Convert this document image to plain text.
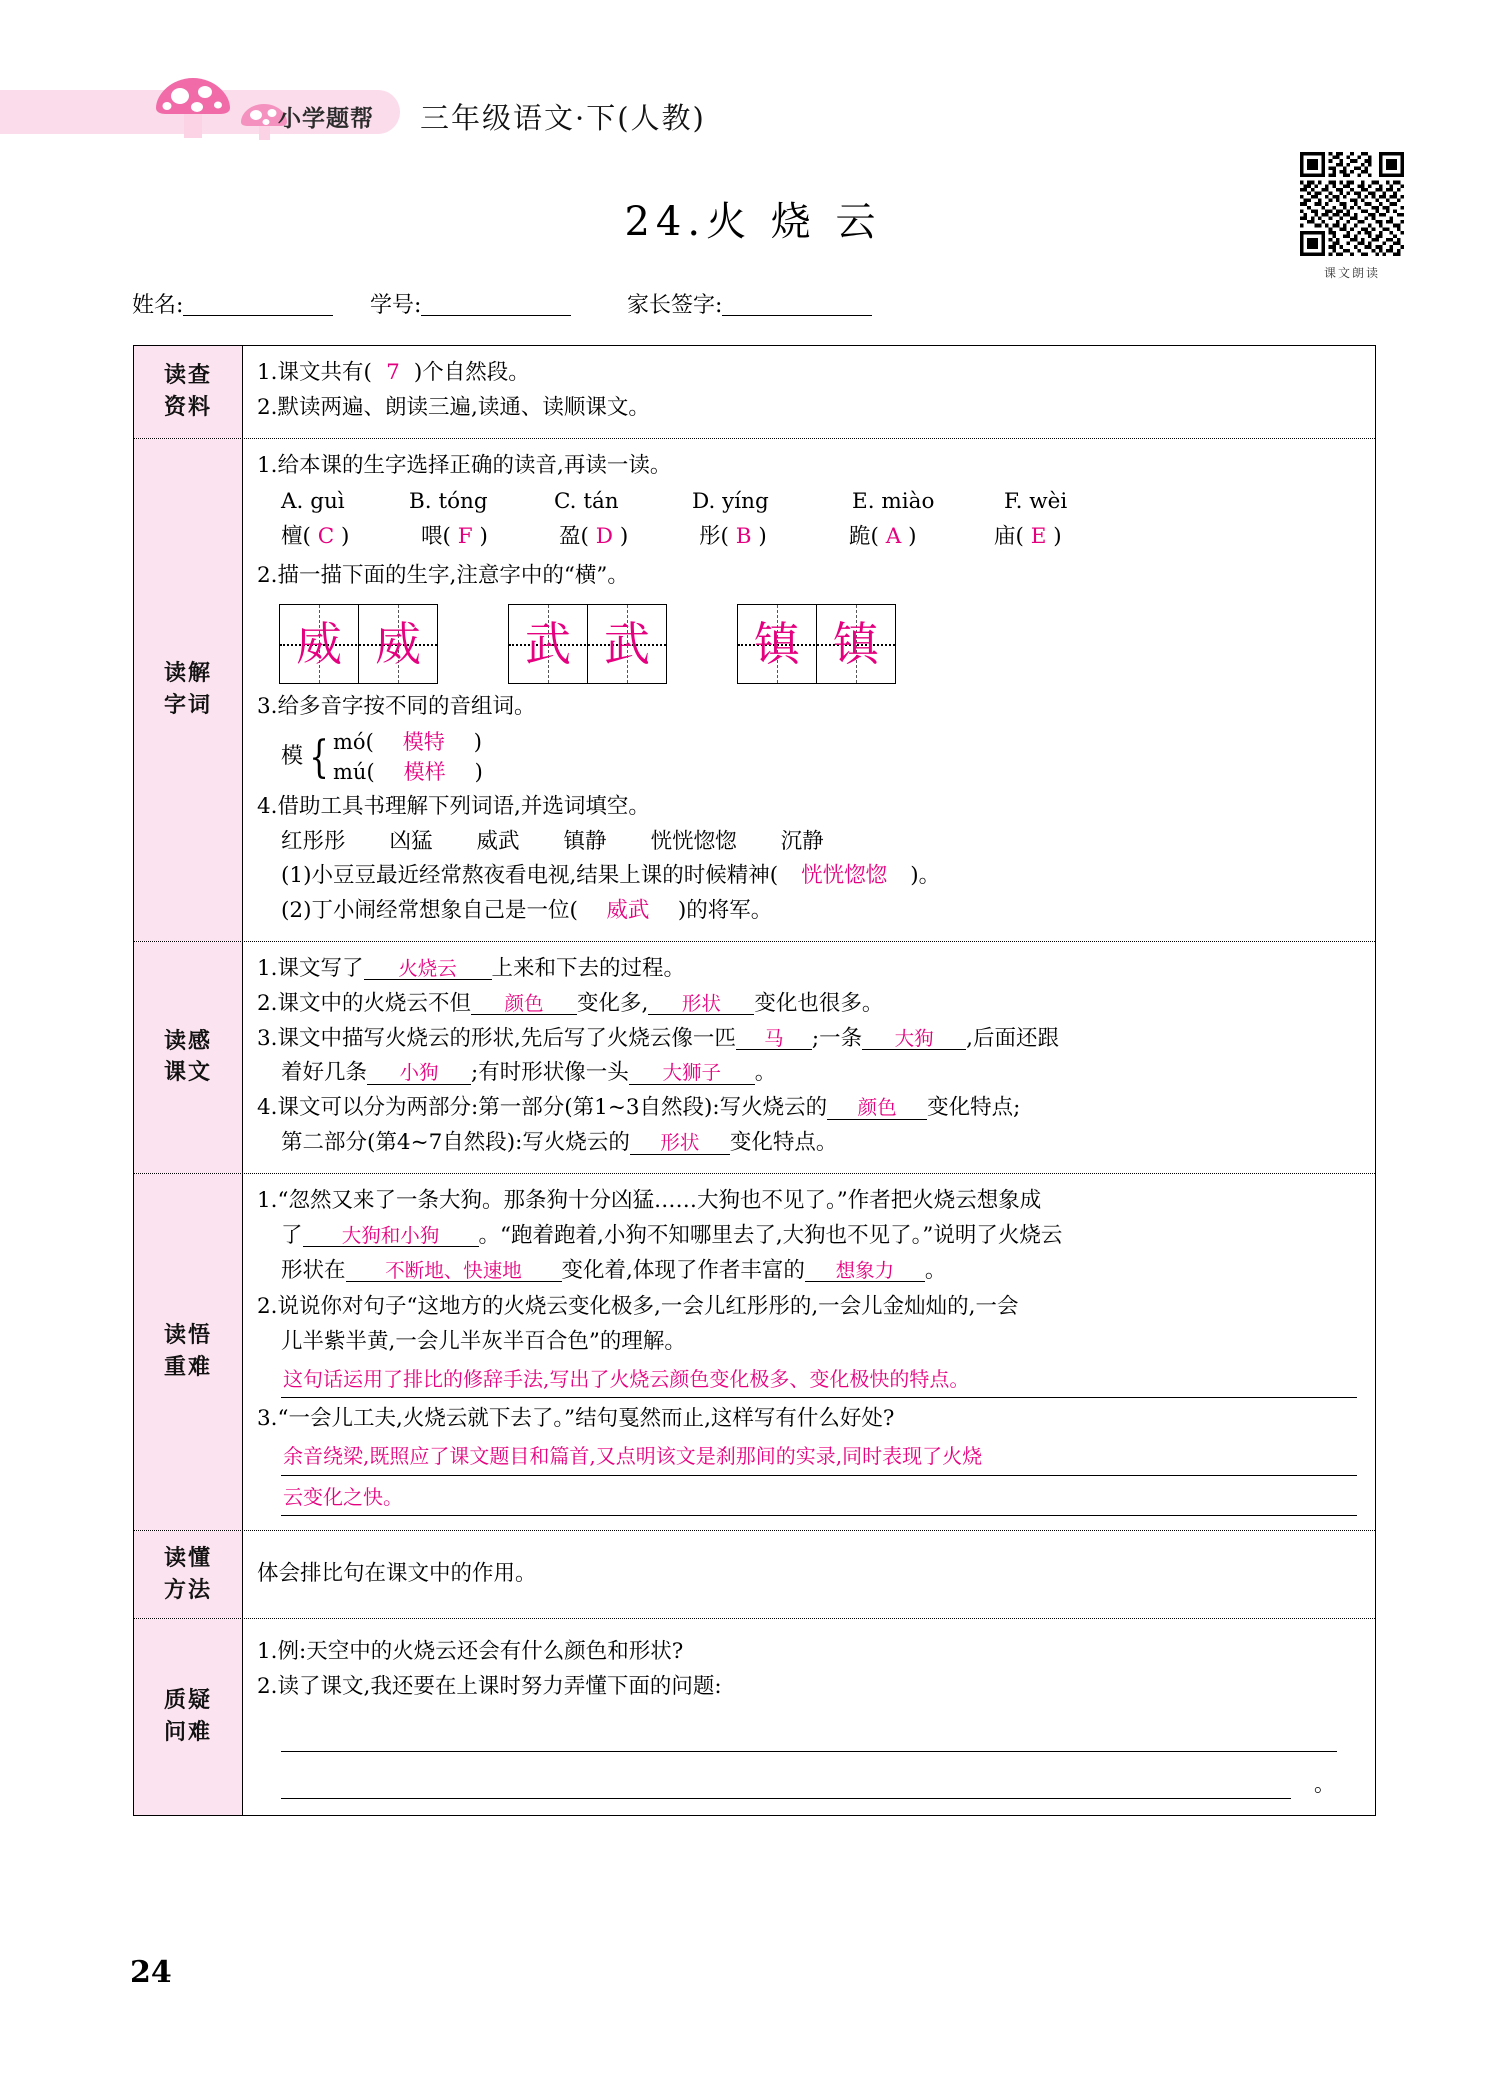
小学题帮 三年级语文·下(人教)
课文朗读
24.火 烧 云
姓名:	学号:	家长签字:
读查
资料
1.课文共有( 7 )个自然段。
2.默读两遍、朗读三遍,读通、读顺课文。
读解
字词
1.给本课的生字选择正确的读音,再读一读。
A. guì	B. tóng	C. tán	D. yíng	E. miào	F. wèi
檀( C )	喂( F )	盈( D )	彤( B )	跪( A )	庙( E )
2.描一描下面的生字,注意字中的“横”。
威 威 武 武 镇 镇
3.给多音字按不同的音组词。
模 { mó( 模特 )
mú( 模样 )
4.借助工具书理解下列词语,并选词填空。
红彤彤 凶猛 威武 镇静 恍恍惚惚 沉静
(1)小豆豆最近经常熬夜看电视,结果上课的时候精神( 恍恍惚惚 )。
(2)丁小闹经常想象自己是一位( 威武 )的将军。
读感
课文
1.课文写了 火烧云 上来和下去的过程。
2.课文中的火烧云不但 颜色 变化多, 形状 变化也很多。
3.课文中描写火烧云的形状,先后写了火烧云像一匹 马 ;一条 大狗 ,后面还跟
着好几条 小狗 ;有时形状像一头 大狮子 。
4.课文可以分为两部分:第一部分(第1~3自然段):写火烧云的 颜色 变化特点;
第二部分(第4~7自然段):写火烧云的 形状 变化特点。
读悟
重难
1.“忽然又来了一条大狗。那条狗十分凶猛……大狗也不见了。”作者把火烧云想象成
了 大狗和小狗 。“跑着跑着,小狗不知哪里去了,大狗也不见了。”说明了火烧云
形状在 不断地、快速地 变化着,体现了作者丰富的 想象力 。
2.说说你对句子“这地方的火烧云变化极多,一会儿红彤彤的,一会儿金灿灿的,一会
儿半紫半黄,一会儿半灰半百合色”的理解。
这句话运用了排比的修辞手法,写出了火烧云颜色变化极多、变化极快的特点。
3.“一会儿工夫,火烧云就下去了。”结句戛然而止,这样写有什么好处?
余音绕梁,既照应了课文题目和篇首,又点明该文是刹那间的实录,同时表现了火烧
云变化之快。
读懂
方法
体会排比句在课文中的作用。
质疑
问难
1.例:天空中的火烧云还会有什么颜色和形状?
2.读了课文,我还要在上课时努力弄懂下面的问题:
。
24
